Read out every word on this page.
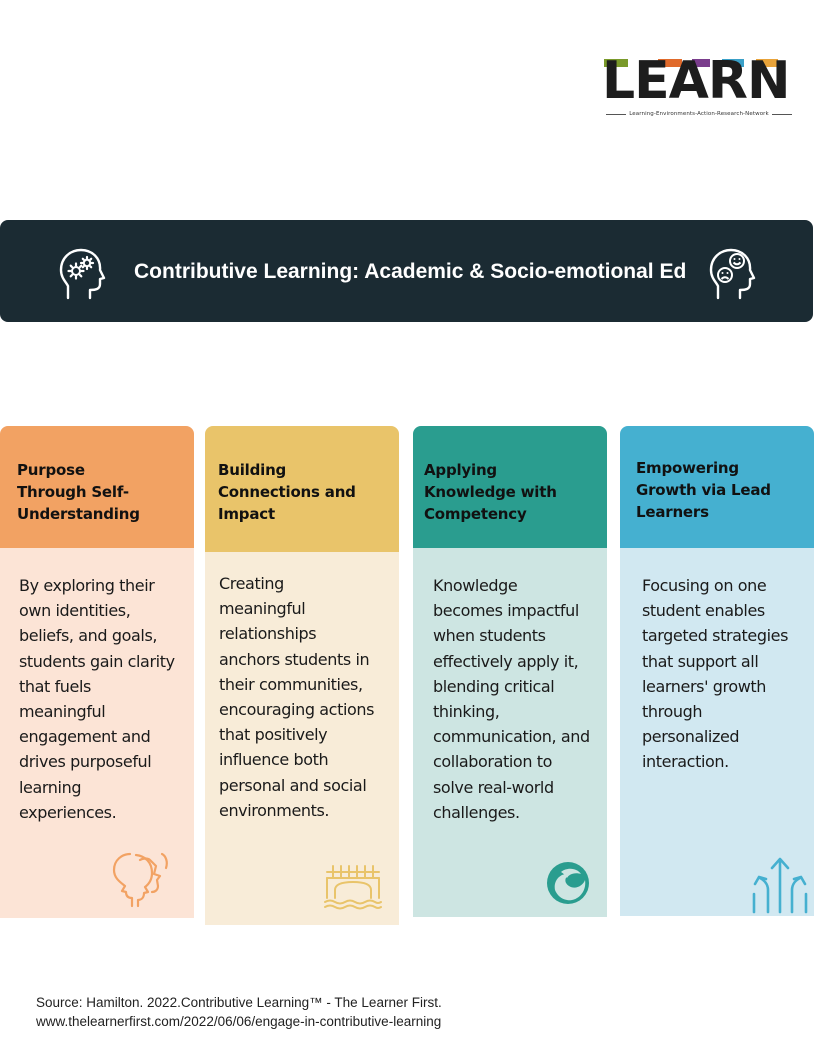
LEARN
Learning-Environments-Action-Research-Network
Contributive Learning: Academic & Socio-emotional Ed
Purpose
Through Self-
Understanding
By exploring their
own identities,
beliefs, and goals,
students gain clarity
that fuels
meaningful
engagement and
drives purposeful
learning
experiences.
Building
Connections and
Impact
Creating
meaningful
relationships
anchors students in
their communities,
encouraging actions
that positively
influence both
personal and social
environments.
Applying
Knowledge with
Competency
Knowledge
becomes impactful
when students
effectively apply it,
blending critical
thinking,
communication, and
collaboration to
solve real-world
challenges.
Empowering
Growth via Lead
Learners
Focusing on one
student enables
targeted strategies
that support all
learners' growth
through
personalized
interaction.
Source: Hamilton. 2022.Contributive Learning™ - The Learner First.
www.thelearnerfirst.com/2022/06/06/engage-in-contributive-learning
